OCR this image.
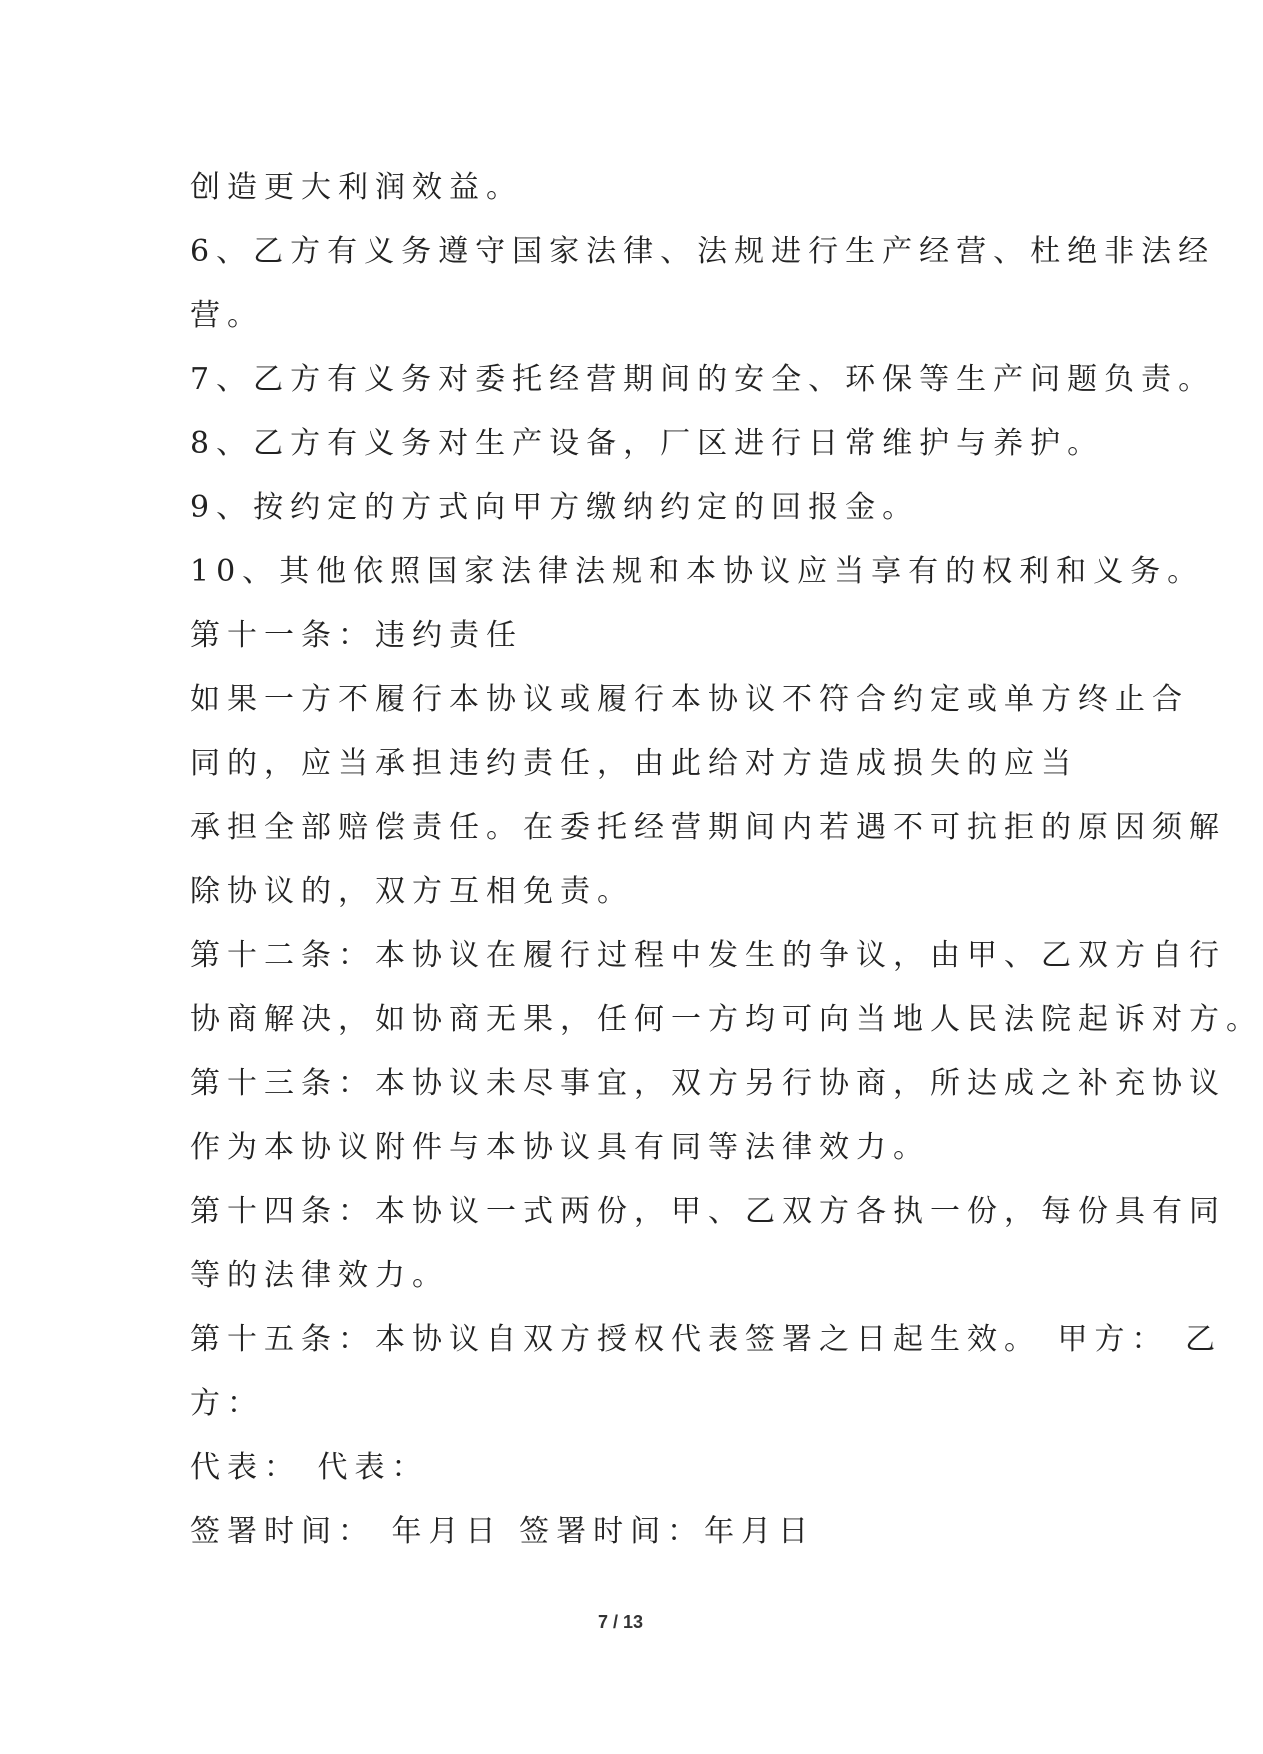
创造更大利润效益。
6、乙方有义务遵守国家法律、法规进行生产经营、杜绝非法经
营。
7、乙方有义务对委托经营期间的安全、环保等生产问题负责。
8、乙方有义务对生产设备，厂区进行日常维护与养护。
9、按约定的方式向甲方缴纳约定的回报金。
10、其他依照国家法律法规和本协议应当享有的权利和义务。
第十一条：违约责任
如果一方不履行本协议或履行本协议不符合约定或单方终止合
同的，应当承担违约责任，由此给对方造成损失的应当
承担全部赔偿责任。在委托经营期间内若遇不可抗拒的原因须解
除协议的，双方互相免责。
第十二条：本协议在履行过程中发生的争议，由甲、乙双方自行
协商解决，如协商无果，任何一方均可向当地人民法院起诉对方。
第十三条：本协议未尽事宜，双方另行协商，所达成之补充协议
作为本协议附件与本协议具有同等法律效力。
第十四条：本协议一式两份，甲、乙双方各执一份，每份具有同
等的法律效力。
第十五条：本协议自双方授权代表签署之日起生效。 甲方： 乙
方：
代表： 代表：
签署时间： 年月日 签署时间：年月日
7 / 13
